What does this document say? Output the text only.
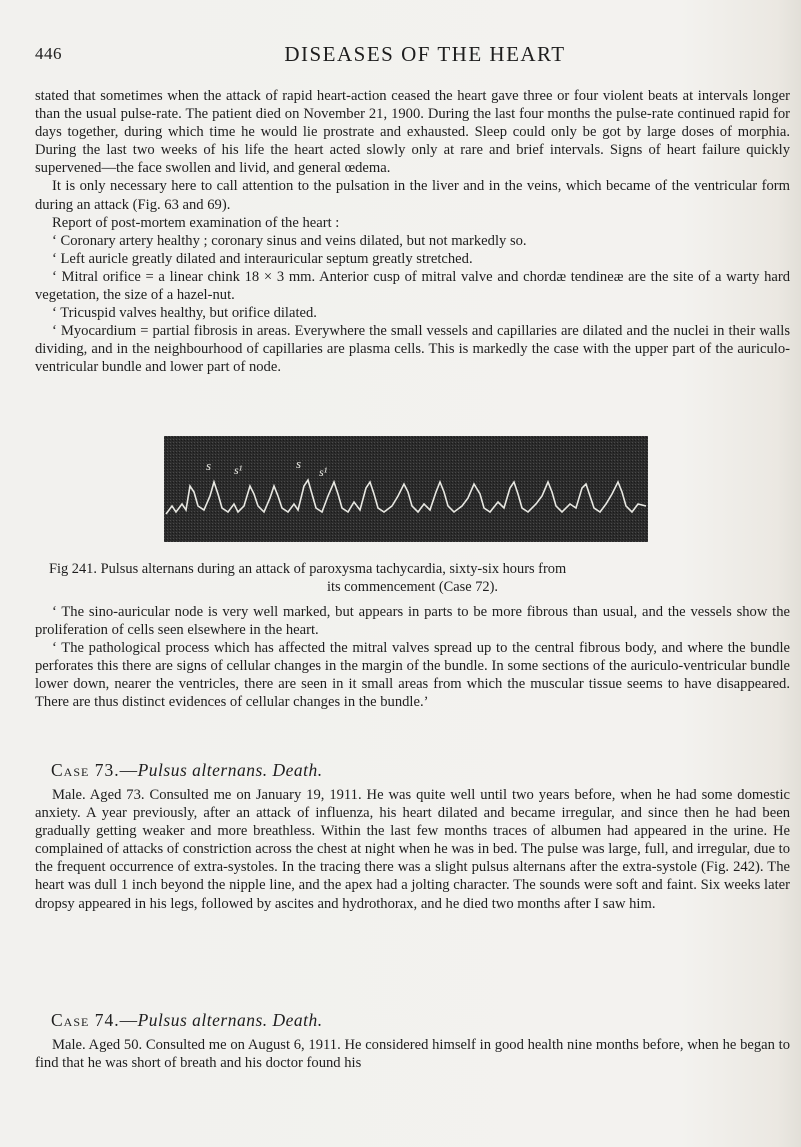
446	DISEASES OF THE HEART

stated that sometimes when the attack of rapid heart-action ceased the heart gave three or four violent beats at intervals longer than the usual pulse-rate. The patient died on November 21, 1900. During the last four months the pulse-rate continued rapid for days together, during which time he would lie prostrate and exhausted. Sleep could only be got by large doses of morphia. During the last two weeks of his life the heart acted slowly only at rare and brief intervals. Signs of heart failure quickly supervened—the face swollen and livid, and general œdema.

It is only necessary here to call attention to the pulsation in the liver and in the veins, which became of the ventricular form during an attack (Fig. 63 and 69).

Report of post-mortem examination of the heart :

‘ Coronary artery healthy ; coronary sinus and veins dilated, but not markedly so.

‘ Left auricle greatly dilated and interauricular septum greatly stretched.

‘ Mitral orifice = a linear chink 18 × 3 mm. Anterior cusp of mitral valve and chordæ tendineæ are the site of a warty hard vegetation, the size of a hazel-nut.

‘ Tricuspid valves healthy, but orifice dilated.

‘ Myocardium = partial fibrosis in areas. Everywhere the small vessels and capillaries are dilated and the nuclei in their walls dividing, and in the neighbourhood of capillaries are plasma cells. This is markedly the case with the upper part of the auriculo-ventricular bundle and lower part of node.

s s¹	s
s¹
Fig 241. Pulsus alternans during an attack of paroxysma tachycardia, sixty-six hours from
its commencement (Case 72).

‘ The sino-auricular node is very well marked, but appears in parts to be more fibrous than usual, and the vessels show the proliferation of cells seen elsewhere in the heart.

‘ The pathological process which has affected the mitral valves spread up to the central fibrous body, and where the bundle perforates this there are signs of cellular changes in the margin of the bundle. In some sections of the auriculo-ventricular bundle lower down, nearer the ventricles, there are seen in it small areas from which the muscular tissue seems to have disappeared. There are thus distinct evidences of cellular changes in the bundle.’

Case 73.—Pulsus alternans. Death.

Male. Aged 73. Consulted me on January 19, 1911. He was quite well until two years before, when he had some domestic anxiety. A year previously, after an attack of influenza, his heart dilated and became irregular, and since then he had been gradually getting weaker and more breathless. Within the last few months traces of albumen had appeared in the urine. He complained of attacks of constriction across the chest at night when he was in bed. The pulse was large, full, and irregular, due to the frequent occurrence of extra-systoles. In the tracing there was a slight pulsus alternans after the extra-systole (Fig. 242). The heart was dull 1 inch beyond the nipple line, and the apex had a jolting character. The sounds were soft and faint. Six weeks later dropsy appeared in his legs, followed by ascites and hydrothorax, and he died two months after I saw him.

Case 74.—Pulsus alternans. Death.

Male. Aged 50. Consulted me on August 6, 1911. He considered himself in good health nine months before, when he began to find that he was short of breath and his doctor found his
